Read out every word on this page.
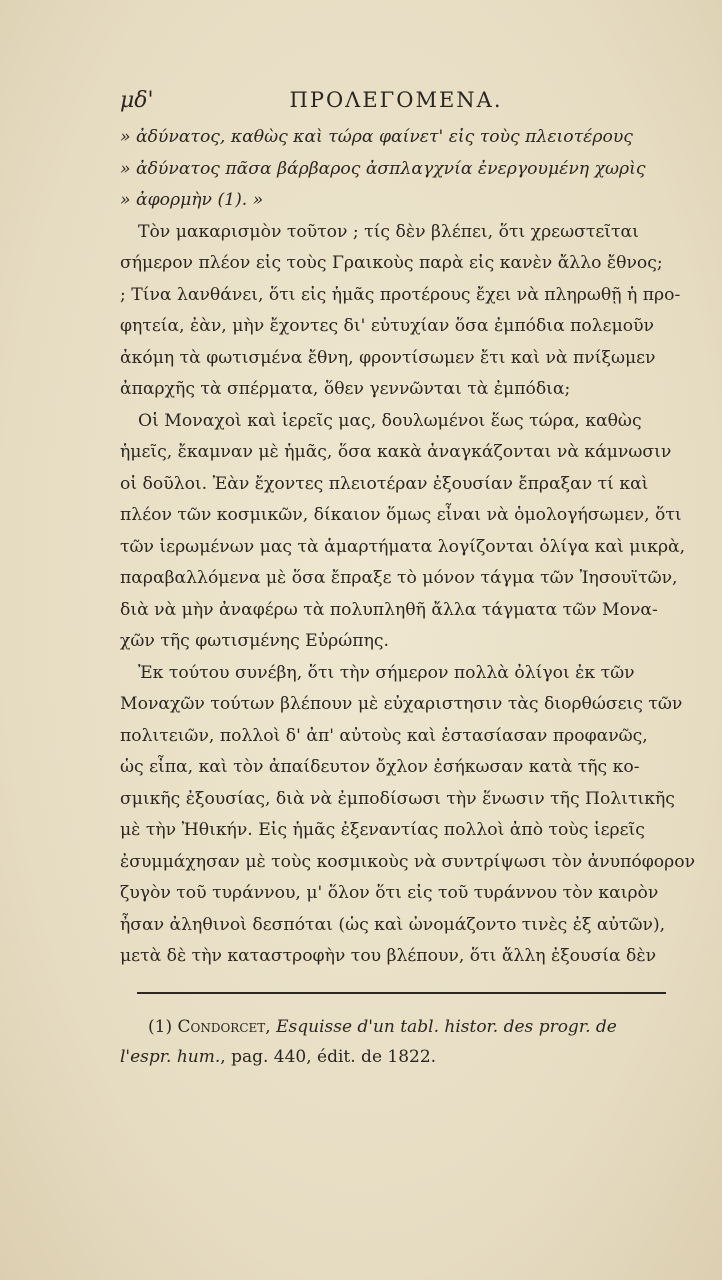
μδ'	ΠΡΟΛΕΓΟΜΕΝΑ.
» ἀδύνατος, καθὼς καὶ τώρα φαίνετ' εἰς τοὺς πλειοτέρους
» ἀδύνατος πᾶσα βάρβαρος ἀσπλαγχνία ἐνεργουμένη χωρὶς
» ἀφορμὴν (1). »
Τὸν μακαρισμὸν τοῦτον ; τίς δὲν βλέπει, ὅτι χρεωστεῖται
σήμερον πλέον εἰς τοὺς Γραικοὺς παρὰ εἰς κανὲν ἄλλο ἔθνος;
; Τίνα λανθάνει, ὅτι εἰς ἡμᾶς προτέρους ἔχει νὰ πληρωθῇ ἡ προ-
φητεία, ἐὰν, μὴν ἔχοντες δι' εὐτυχίαν ὅσα ἐμπόδια πολεμοῦν
ἀκόμη τὰ φωτισμένα ἔθνη, φροντίσωμεν ἔτι καὶ νὰ πνίξωμεν
ἀπαρχῆς τὰ σπέρματα, ὅθεν γεννῶνται τὰ ἐμπόδια;
Οἱ Μοναχοὶ καὶ ἱερεῖς μας, δουλωμένοι ἕως τώρα, καθὼς
ἡμεῖς, ἔκαμναν μὲ ἡμᾶς, ὅσα κακὰ ἀναγκάζονται νὰ κάμνωσιν
οἱ δοῦλοι. Ἐὰν ἔχοντες πλειοτέραν ἐξουσίαν ἔπραξαν τί καὶ
πλέον τῶν κοσμικῶν, δίκαιον ὅμως εἶναι νὰ ὁμολογήσωμεν, ὅτι
τῶν ἱερωμένων μας τὰ ἁμαρτήματα λογίζονται ὀλίγα καὶ μικρὰ,
παραβαλλόμενα μὲ ὅσα ἔπραξε τὸ μόνον τάγμα τῶν Ἰησουϊτῶν,
διὰ νὰ μὴν ἀναφέρω τὰ πολυπληθῆ ἄλλα τάγματα τῶν Μονα-
χῶν τῆς φωτισμένης Εὐρώπης.
Ἐκ τούτου συνέβη, ὅτι τὴν σήμερον πολλὰ ὀλίγοι ἐκ τῶν
Μοναχῶν τούτων βλέπουν μὲ εὐχαριστησιν τὰς διορθώσεις τῶν
πολιτειῶν, πολλοὶ δ' ἀπ' αὐτοὺς καὶ ἐστασίασαν προφανῶς,
ὡς εἶπα, καὶ τὸν ἀπαίδευτον ὄχλον ἐσήκωσαν κατὰ τῆς κο-
σμικῆς ἐξουσίας, διὰ νὰ ἐμποδίσωσι τὴν ἕνωσιν τῆς Πολιτικῆς
μὲ τὴν Ἠθικήν. Εἰς ἡμᾶς ἐξεναντίας πολλοὶ ἀπὸ τοὺς ἱερεῖς
ἐσυμμάχησαν μὲ τοὺς κοσμικοὺς νὰ συντρίψωσι τὸν ἀνυπόφορον
ζυγὸν τοῦ τυράννου, μ' ὅλον ὅτι εἰς τοῦ τυράννου τὸν καιρὸν
ἦσαν ἀληθινοὶ δεσπόται (ὡς καὶ ὠνομάζοντο τινὲς ἐξ αὐτῶν),
μετὰ δὲ τὴν καταστροφὴν του βλέπουν, ὅτι ἄλλη ἐξουσία δὲν
(1) Condorcet, Esquisse d'un tabl. histor. des progr. de
l'espr. hum., pag. 440, édit. de 1822.
